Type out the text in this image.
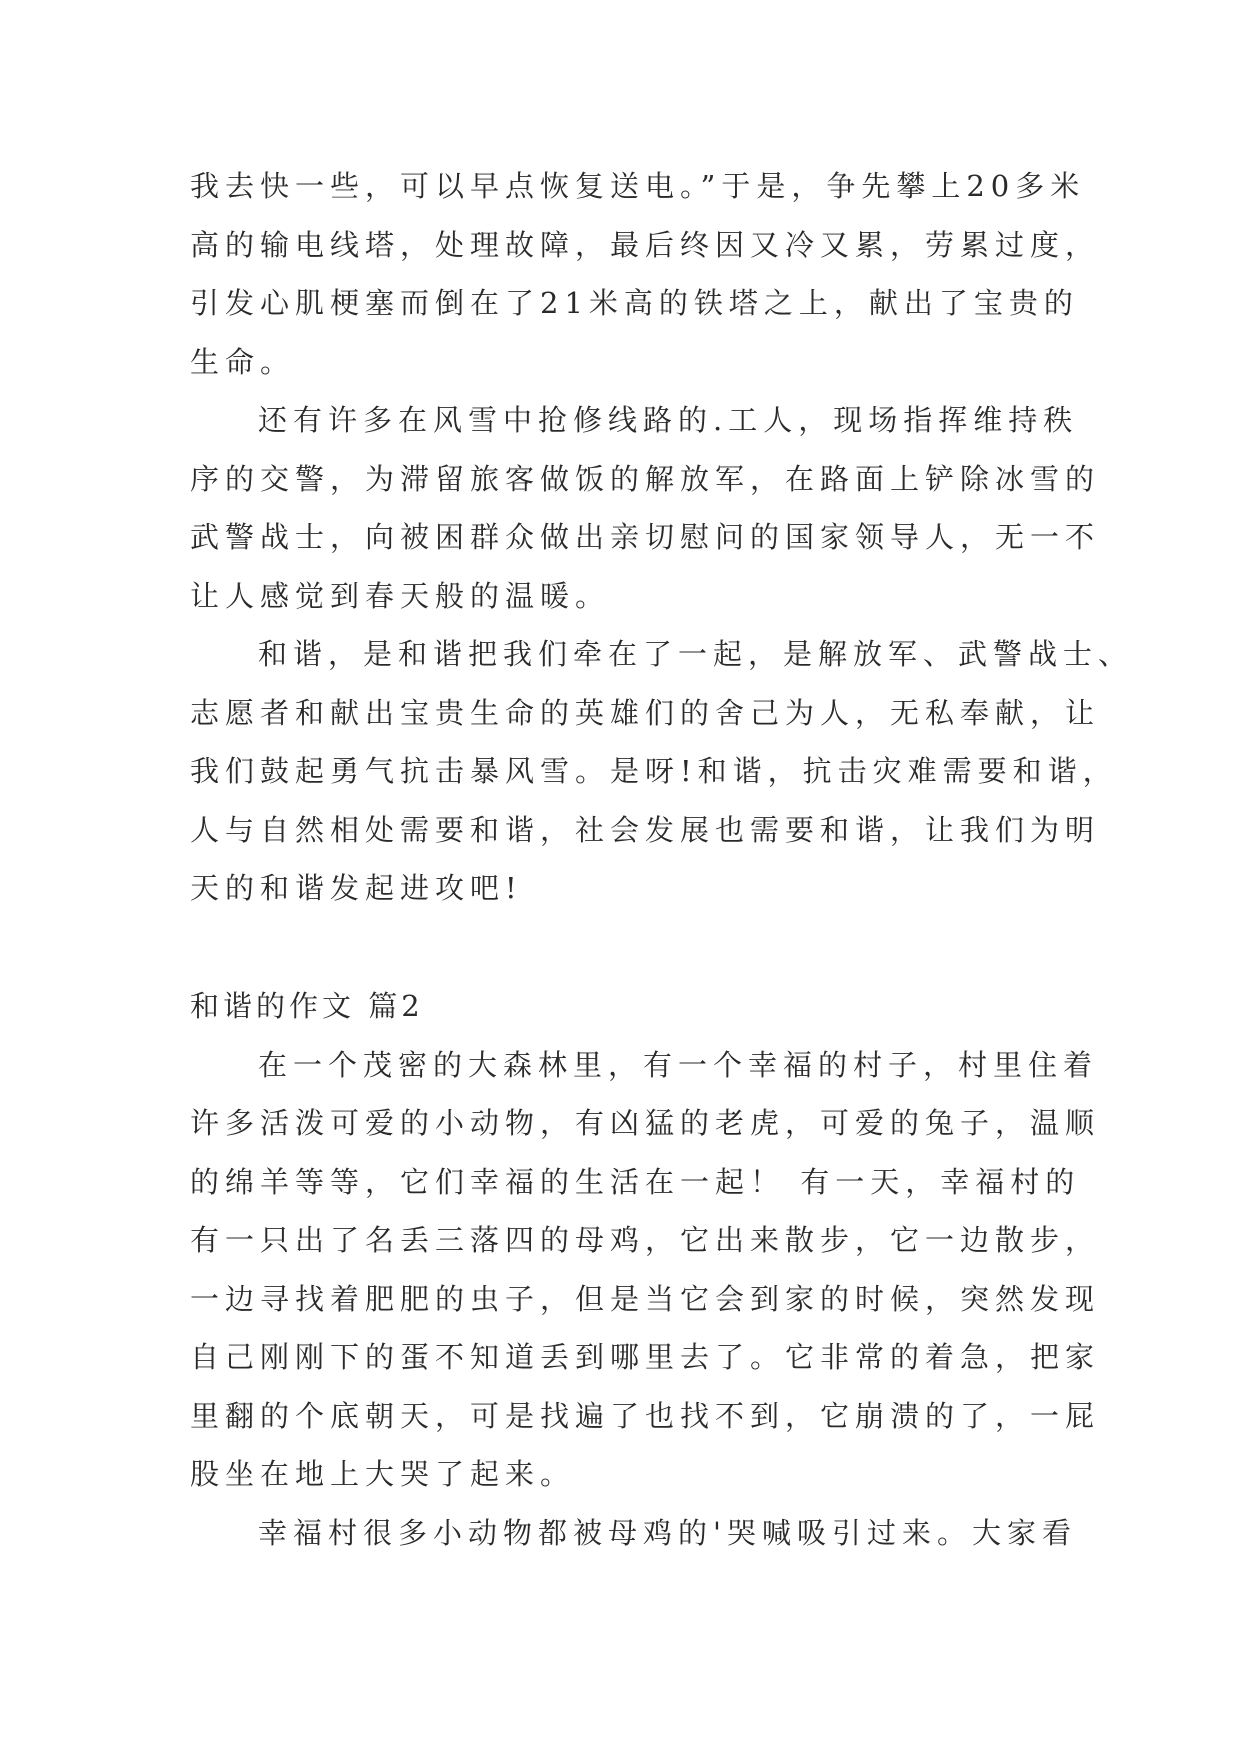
我去快一些，可以早点恢复送电。”于是，争先攀上20多米
高的输电线塔，处理故障，最后终因又冷又累，劳累过度，
引发心肌梗塞而倒在了21米高的铁塔之上，献出了宝贵的
生命。

还有许多在风雪中抢修线路的.工人，现场指挥维持秩
序的交警，为滞留旅客做饭的解放军，在路面上铲除冰雪的
武警战士，向被困群众做出亲切慰问的国家领导人，无一不
让人感觉到春天般的温暖。

和谐，是和谐把我们牵在了一起，是解放军、武警战士、
志愿者和献出宝贵生命的英雄们的舍己为人，无私奉献，让
我们鼓起勇气抗击暴风雪。是呀!和谐，抗击灾难需要和谐，
人与自然相处需要和谐，社会发展也需要和谐，让我们为明
天的和谐发起进攻吧!

和谐的作文 篇2

在一个茂密的大森林里，有一个幸福的村子，村里住着
许多活泼可爱的小动物，有凶猛的老虎，可爱的兔子，温顺
的绵羊等等，它们幸福的生活在一起！ 有一天，幸福村的
有一只出了名丢三落四的母鸡，它出来散步，它一边散步，
一边寻找着肥肥的虫子，但是当它会到家的时候，突然发现
自己刚刚下的蛋不知道丢到哪里去了。它非常的着急，把家
里翻的个底朝天，可是找遍了也找不到，它崩溃的了，一屁
股坐在地上大哭了起来。

幸福村很多小动物都被母鸡的'哭喊吸引过来。大家看
